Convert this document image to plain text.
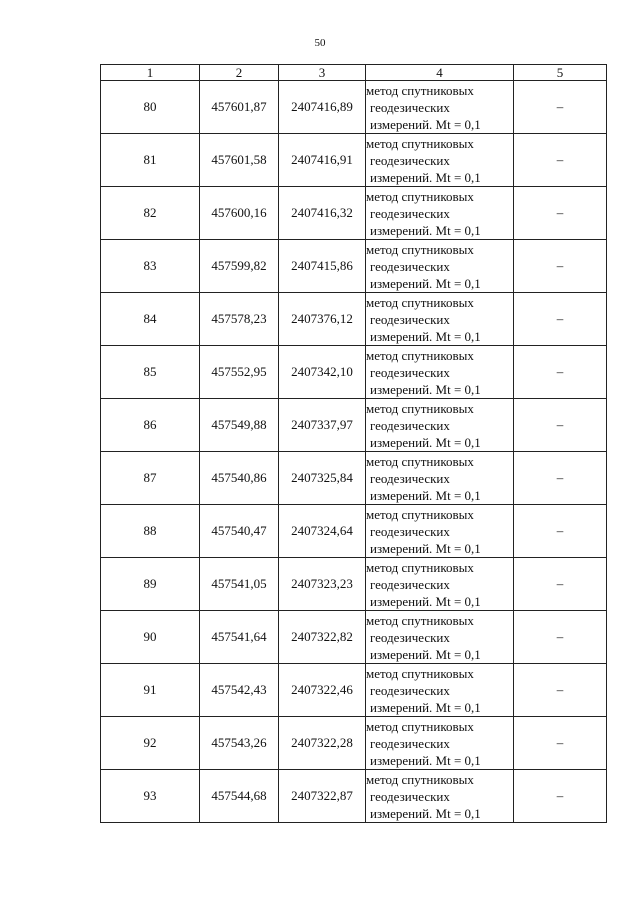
50
1	2	3	4	5
80	457601,87	2407416,89	метод спутниковых
геодезических
измерений. Mt = 0,1	–
81	457601,58	2407416,91	метод спутниковых
геодезических
измерений. Mt = 0,1	–
82	457600,16	2407416,32	метод спутниковых
геодезических
измерений. Mt = 0,1	–
83	457599,82	2407415,86	метод спутниковых
геодезических
измерений. Mt = 0,1	–
84	457578,23	2407376,12	метод спутниковых
геодезических
измерений. Mt = 0,1	–
85	457552,95	2407342,10	метод спутниковых
геодезических
измерений. Mt = 0,1	–
86	457549,88	2407337,97	метод спутниковых
геодезических
измерений. Mt = 0,1	–
87	457540,86	2407325,84	метод спутниковых
геодезических
измерений. Mt = 0,1	–
88	457540,47	2407324,64	метод спутниковых
геодезических
измерений. Mt = 0,1	–
89	457541,05	2407323,23	метод спутниковых
геодезических
измерений. Mt = 0,1	–
90	457541,64	2407322,82	метод спутниковых
геодезических
измерений. Mt = 0,1	–
91	457542,43	2407322,46	метод спутниковых
геодезических
измерений. Mt = 0,1	–
92	457543,26	2407322,28	метод спутниковых
геодезических
измерений. Mt = 0,1	–
93	457544,68	2407322,87	метод спутниковых
геодезических
измерений. Mt = 0,1	–
